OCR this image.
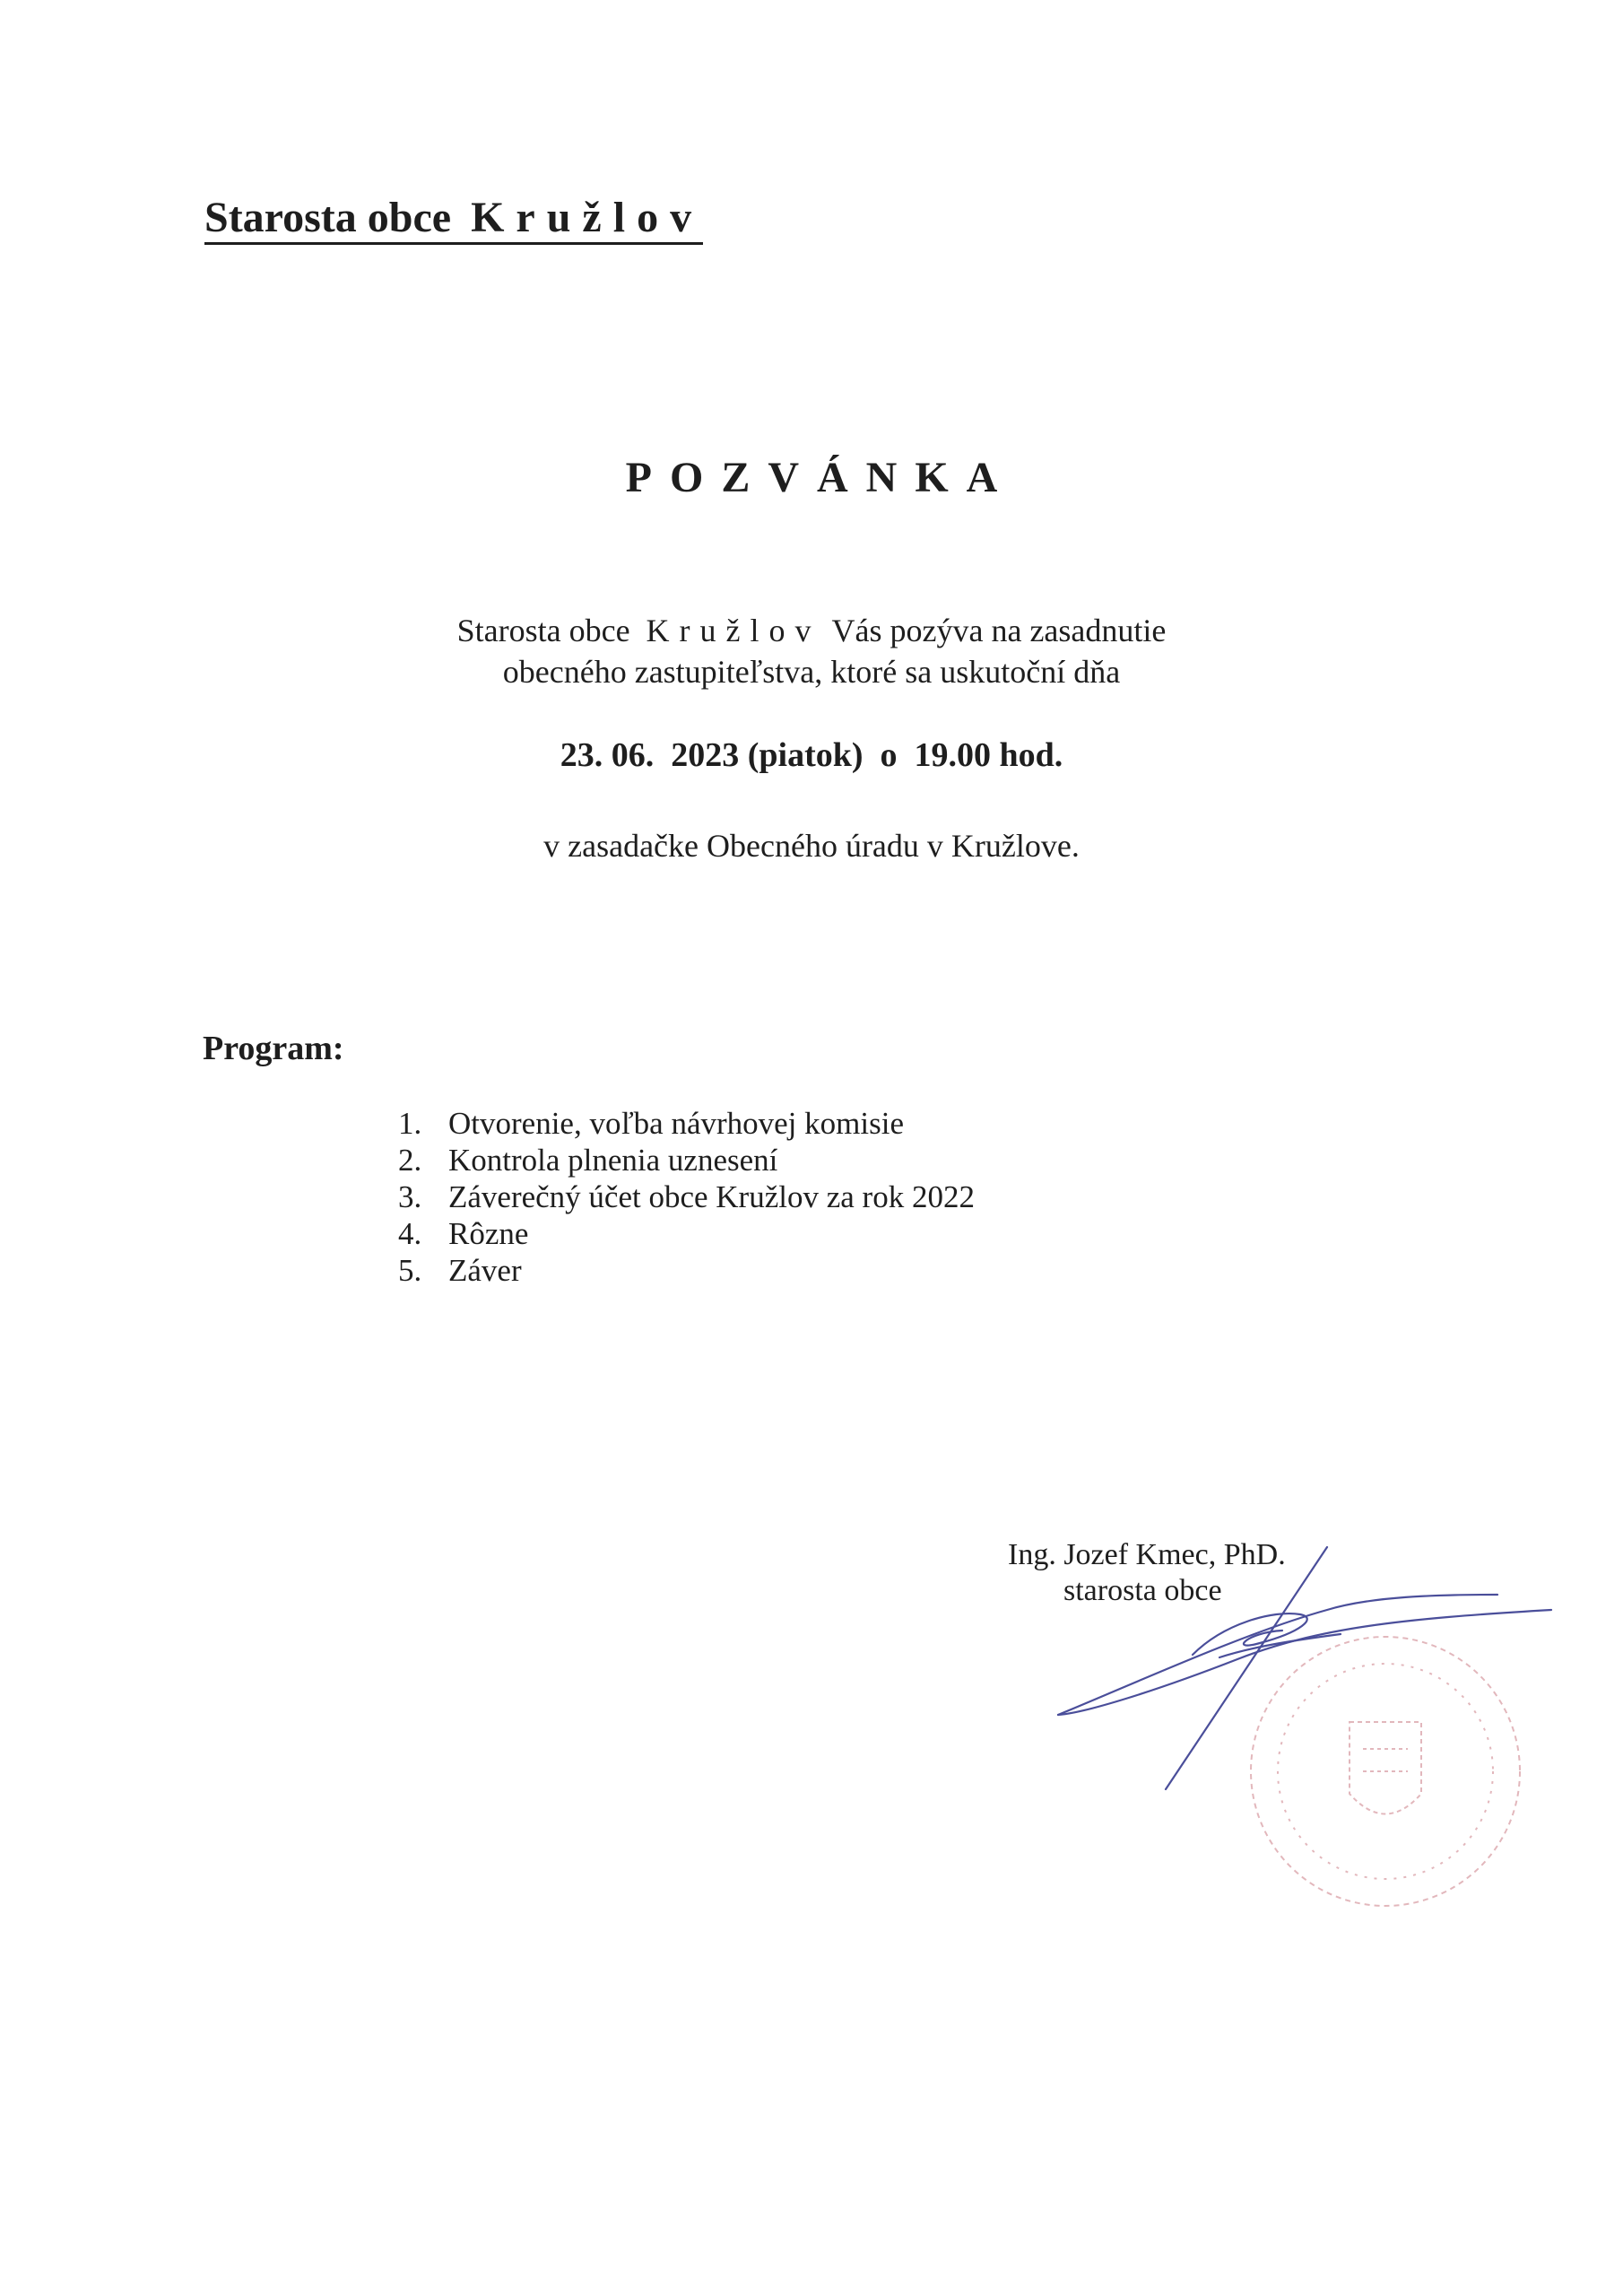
Starosta obce Kružlov
POZVÁNKA
Starosta obce Kružlov Vás pozýva na zasadnutie
obecného zastupiteľstva, ktoré sa uskutoční dňa
23. 06.  2023 (piatok)  o  19.00 hod.
v zasadačke Obecného úradu v Kružlove.
Program:
1. Otvorenie, voľba návrhovej komisie
2. Kontrola plnenia uznesení
3. Záverečný účet obce Kružlov za rok 2022
4. Rôzne
5. Záver
Ing. Jozef Kmec, PhD.
starosta obce
